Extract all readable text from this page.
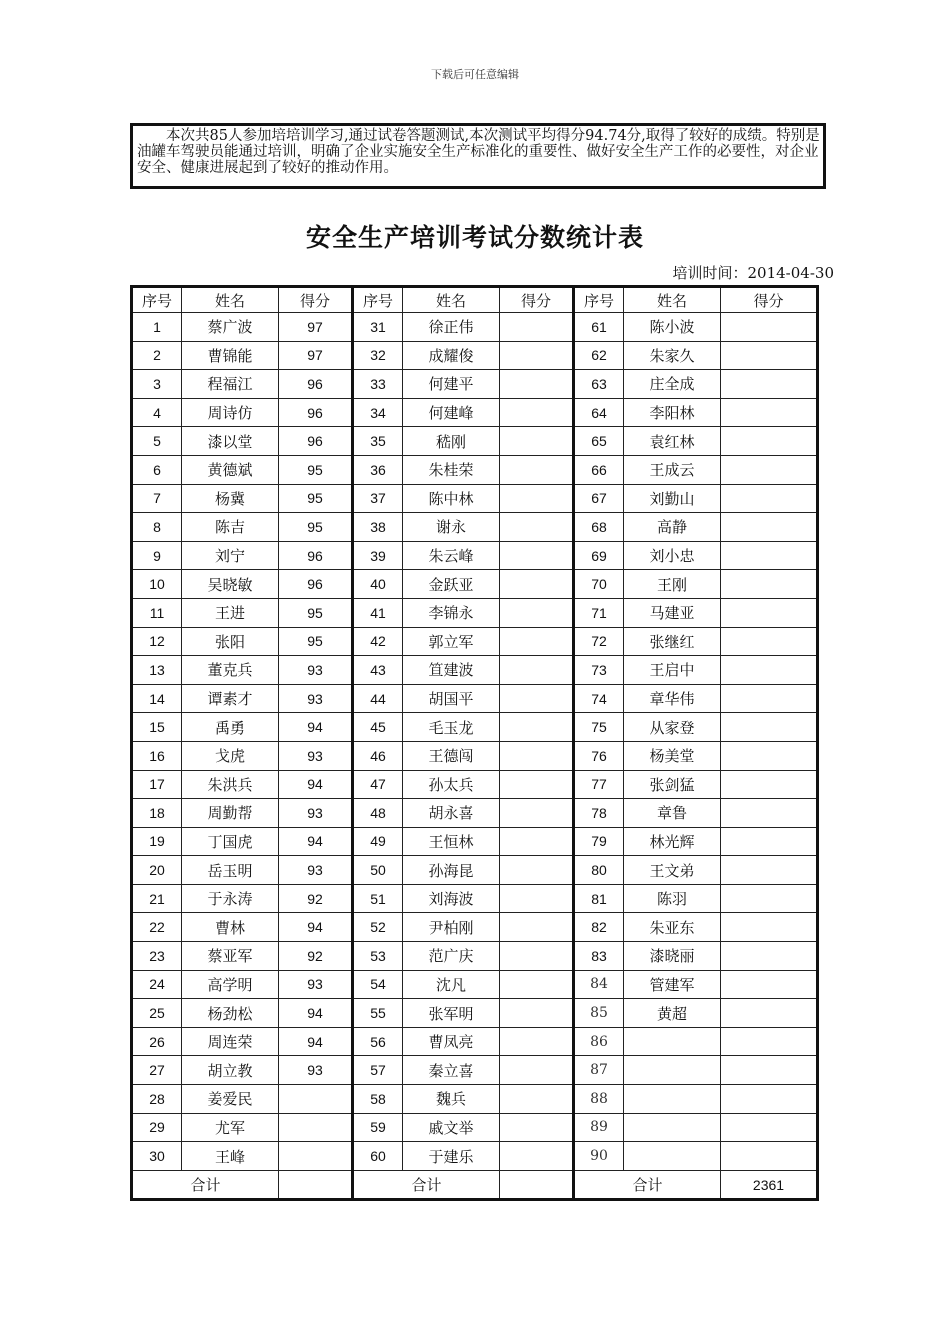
下载后可任意编辑
本次共85人参加培培训学习,通过试卷答题测试,本次测试平均得分94.74分,取得了较好的成绩。特别是油罐车驾驶员能通过培训，明确了企业实施安全生产标准化的重要性、做好安全生产工作的必要性，对企业安全、健康进展起到了较好的推动作用。
安全生产培训考试分数统计表
培训时间：2014-04-30
序号	姓名	得分	序号	姓名	得分	序号	姓名	得分
1	蔡广波	97	31	徐正伟		61	陈小波	
2	曹锦能	97	32	成耀俊		62	朱家久	
3	程福江	96	33	何建平		63	庄全成	
4	周诗仿	96	34	何建峰		64	李阳林	
5	漆以堂	96	35	嵇刚		65	袁红林	
6	黄德斌	95	36	朱桂荣		66	王成云	
7	杨冀	95	37	陈中林		67	刘勤山	
8	陈吉	95	38	谢永		68	高静	
9	刘宁	96	39	朱云峰		69	刘小忠	
10	吴晓敏	96	40	金跃亚		70	王刚	
11	王进	95	41	李锦永		71	马建亚	
12	张阳	95	42	郭立军		72	张继红	
13	董克兵	93	43	笪建波		73	王启中	
14	谭素才	93	44	胡国平		74	章华伟	
15	禹勇	94	45	毛玉龙		75	从家登	
16	戈虎	93	46	王德闯		76	杨美堂	
17	朱洪兵	94	47	孙太兵		77	张剑猛	
18	周勤帮	93	48	胡永喜		78	章鲁	
19	丁国虎	94	49	王恒林		79	林光辉	
20	岳玉明	93	50	孙海昆		80	王文弟	
21	于永涛	92	51	刘海波		81	陈羽	
22	曹林	94	52	尹柏刚		82	朱亚东	
23	蔡亚军	92	53	范广庆		83	漆晓丽	
24	高学明	93	54	沈凡		84	管建军	
25	杨劲松	94	55	张军明		85	黄超	
26	周连荣	94	56	曹凤亮		86		
27	胡立教	93	57	秦立喜		87		
28	姜爱民		58	魏兵		88		
29	尤军		59	戚文举		89		
30	王峰		60	于建乐		90		
合计			合计			合计		2361
